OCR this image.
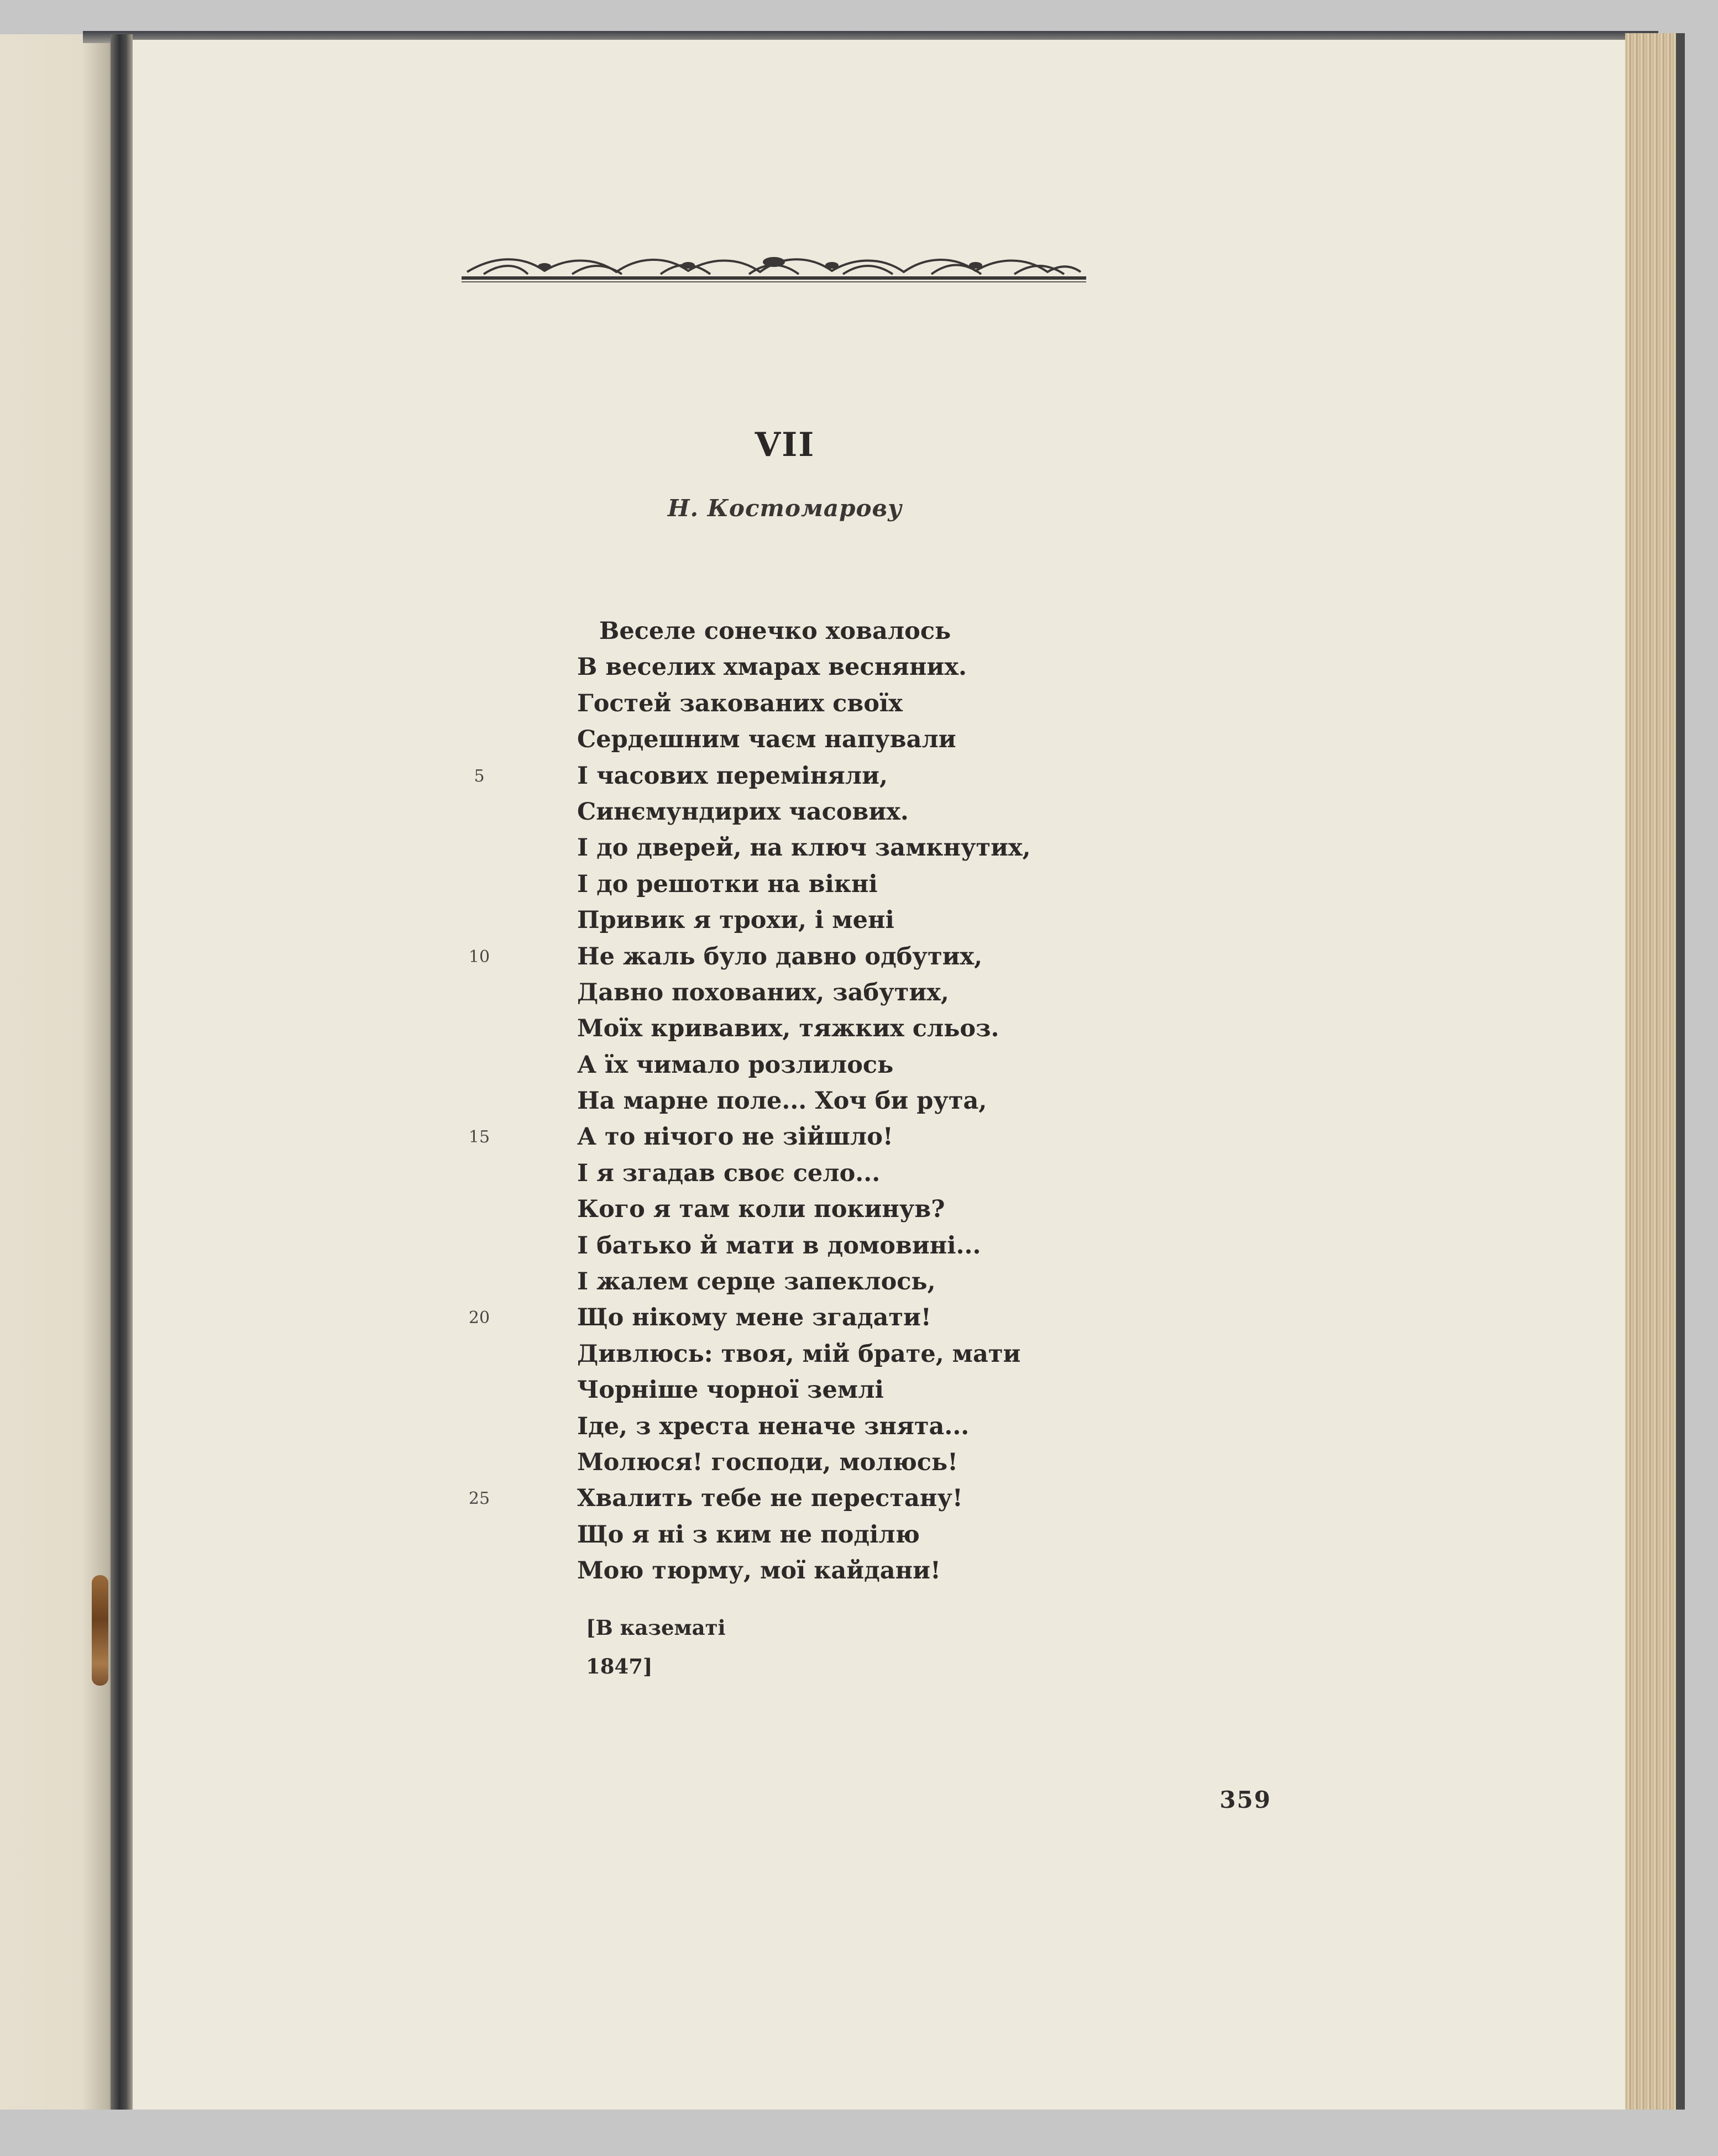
VII
Н. Костомарову
Веселе сонечко ховалось
В веселих хмарах весняних.
Гостей закованих своїх
Сердешним чаєм напували
5	І часових переміняли,
Синємундирих часових.
І до дверей, на ключ замкнутих,
І до решотки на вікні
Привик я трохи, і мені
10	Не жаль було давно одбутих,
Давно похованих, забутих,
Моїх кривавих, тяжких сльоз.
А їх чимало розлилось
На марне поле... Хоч би рута,
15	А то нічого не зійшло!
І я згадав своє село...
Кого я там коли покинув?
І батько й мати в домовині...
І жалем серце запеклось,
20	Що нікому мене згадати!
Дивлюсь: твоя, мій брате, мати
Чорніше чорної землі
Іде, з хреста неначе знята...
Молюся! господи, молюсь!
25	Хвалить тебе не перестану!
Що я ні з ким не поділю
Мою тюрму, мої кайдани!
[В казематі
1847]
359
